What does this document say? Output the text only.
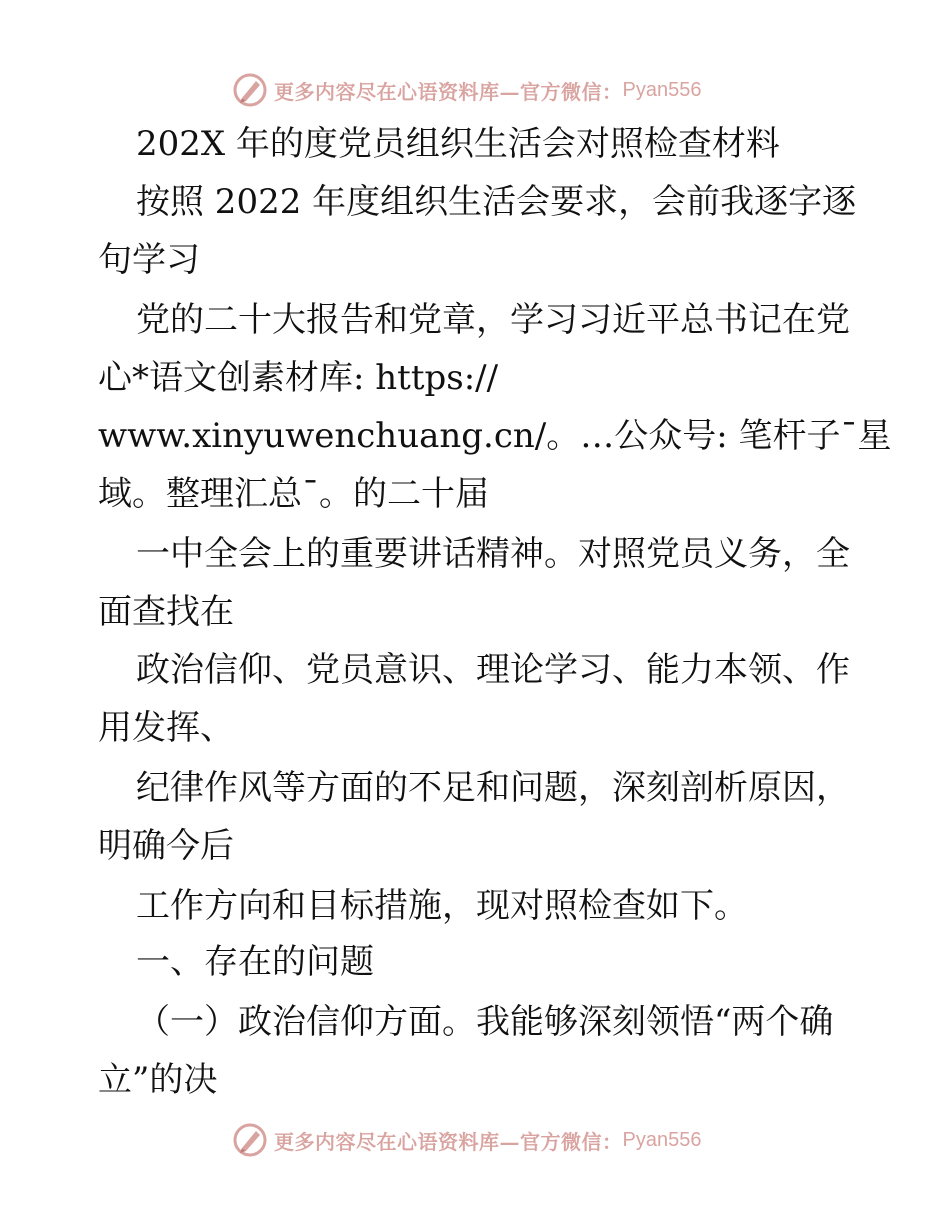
更多内容尽在心语资料库—官方微信： Pyan556
202X 年的度党员组织生活会对照检查材料
按照 2022 年度组织生活会要求，会前我逐字逐
句学习
党的二十大报告和党章，学习习近平总书记在党
心*语文创素材库: https://
www.xinyuwenchuang.cn/。…公众号: 笔杆子¯星
域。整理汇总¯。的二十届
一中全会上的重要讲话精神。对照党员义务，全
面查找在
政治信仰、党员意识、理论学习、能力本领、作
用发挥、
纪律作风等方面的不足和问题，深刻剖析原因，
明确今后
工作方向和目标措施，现对照检查如下。
一、存在的问题
（一）政治信仰方面。我能够深刻领悟“两个确
立”的决
更多内容尽在心语资料库—官方微信： Pyan556
